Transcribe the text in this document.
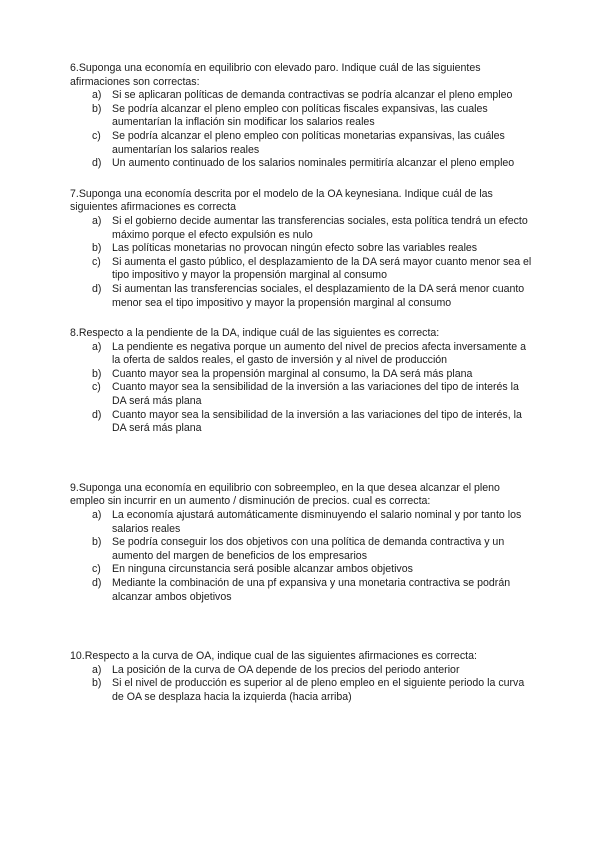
6.Suponga una economía en equilibrio con elevado paro. Indique cuál de las siguientes afirmaciones son correctas:

a) Si se aplicaran políticas de demanda contractivas se podría alcanzar el pleno empleo
b) Se podría alcanzar el pleno empleo con políticas fiscales expansivas, las cuales aumentarían la inflación sin modificar los salarios reales
c)	Se podría alcanzar el pleno empleo con políticas monetarias expansivas, las cuáles aumentarían los salarios reales
d) Un aumento continuado de los salarios nominales permitiría alcanzar el pleno empleo

7.Suponga una economía descrita por el modelo de la OA keynesiana. Indique cuál de las siguientes afirmaciones es correcta

a) Si el gobierno decide aumentar las transferencias sociales, esta política tendrá un efecto máximo porque el efecto expulsión es nulo
b) Las políticas monetarias no provocan ningún efecto sobre las variables reales
c)	Si aumenta el gasto público, el desplazamiento de la DA será mayor cuanto menor sea el tipo impositivo y mayor la propensión marginal al consumo
d) Si aumentan las transferencias sociales, el desplazamiento de la DA será menor cuanto menor sea el tipo impositivo y mayor la propensión marginal al consumo

8.Respecto a la pendiente de la DA, indique cuál de las siguientes es correcta:

a) La pendiente es negativa porque un aumento del nivel de precios afecta inversamente a la oferta de saldos reales, el gasto de inversión y al nivel de producción
b) Cuanto mayor sea la propensión marginal al consumo, la DA será más plana
c)	Cuanto mayor sea la sensibilidad de la inversión a las variaciones del tipo de interés la DA será más plana
d) Cuanto mayor sea la sensibilidad de la inversión a las variaciones del tipo de interés, la DA será más plana

9.Suponga una economía en equilibrio con sobreempleo, en la que desea alcanzar el pleno empleo sin incurrir en un aumento / disminución de precios. cual es correcta:

a) La economía ajustará automáticamente disminuyendo el salario nominal y por tanto los salarios reales
b) Se podría conseguir los dos objetivos con una política de demanda contractiva y un aumento del margen de beneficios de los empresarios
c)	En ninguna circunstancia será posible alcanzar ambos objetivos
d) Mediante la combinación de una pf expansiva y una monetaria contractiva se podrán alcanzar ambos objetivos

10.Respecto a la curva de OA, indique cual de las siguientes afirmaciones es correcta:

a) La posición de la curva de OA depende de los precios del periodo anterior
b) Si el nivel de producción es superior al de pleno empleo en el siguiente periodo la curva de OA se desplaza hacia la izquierda (hacia arriba)
